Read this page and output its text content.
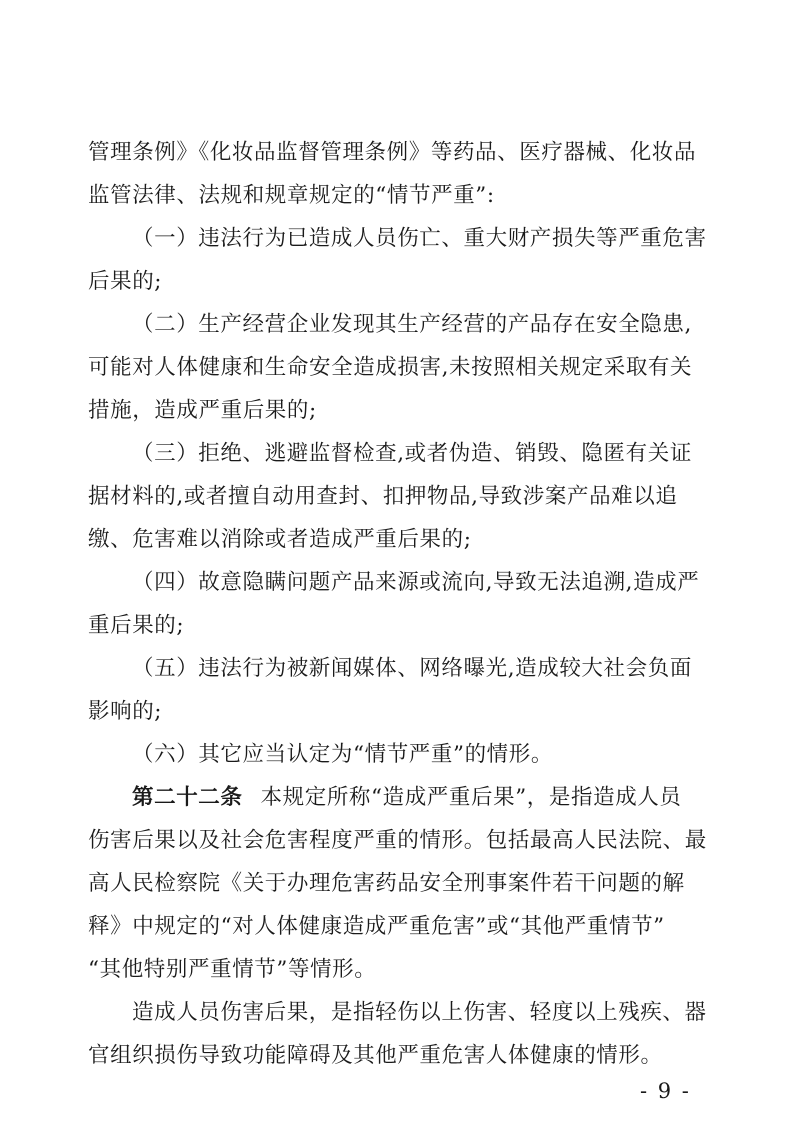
管理条例》《化妆品监督管理条例》等药品、医疗器械、化妆品
监管法律、法规和规章规定的“情节严重”:
（一）违法行为已造成人员伤亡、重大财产损失等严重危害
后果的;
（二）生产经营企业发现其生产经营的产品存在安全隐患,
可能对人体健康和生命安全造成损害,未按照相关规定采取有关
措施，造成严重后果的;
（三）拒绝、逃避监督检查,或者伪造、销毁、隐匿有关证
据材料的,或者擅自动用查封、扣押物品,导致涉案产品难以追
缴、危害难以消除或者造成严重后果的;
（四）故意隐瞒问题产品来源或流向,导致无法追溯,造成严
重后果的;
（五）违法行为被新闻媒体、网络曝光,造成较大社会负面
影响的;
（六）其它应当认定为“情节严重”的情形。
第二十二条 本规定所称“造成严重后果”，是指造成人员
伤害后果以及社会危害程度严重的情形。包括最高人民法院、最
高人民检察院《关于办理危害药品安全刑事案件若干问题的解
释》中规定的“对人体健康造成严重危害”或“其他严重情节”
“其他特别严重情节”等情形。
造成人员伤害后果，是指轻伤以上伤害、轻度以上残疾、器
官组织损伤导致功能障碍及其他严重危害人体健康的情形。
- 9 -
